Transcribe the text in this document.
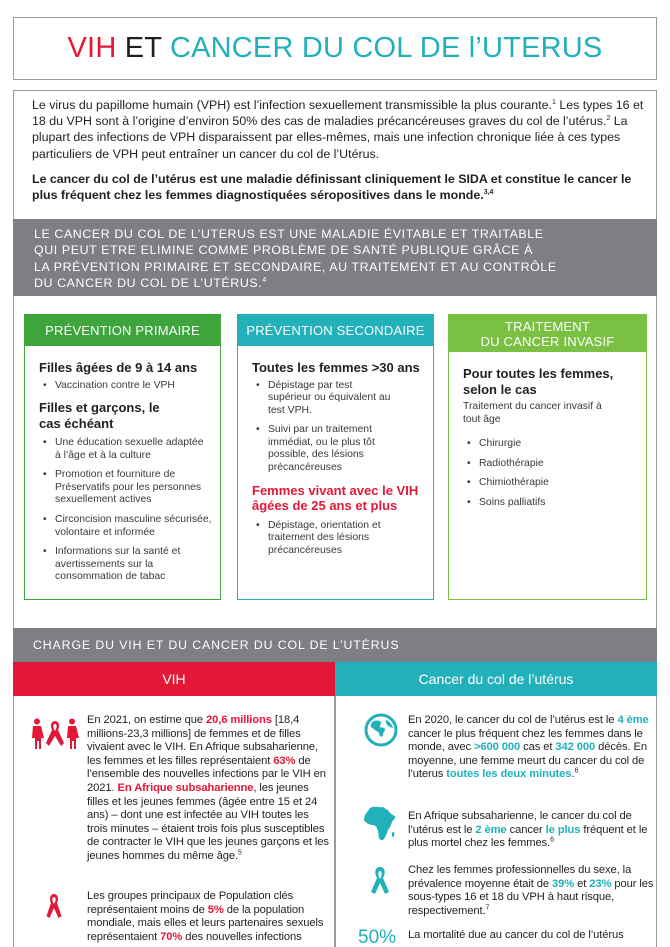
VIH ET CANCER DU COL DE l’UTERUS

Le virus du papillome humain (VPH) est l’infection sexuellement transmissible la plus courante.$^1$ Les types 16 et 18 du VPH sont à l’origine d’environ 50% des cas de maladies précancéreuses graves du col de l’utérus.$^2$ La plupart des infections de VPH disparaissent par elles-mêmes, mais une infection chronique liée à ces types particuliers de VPH peut entraîner un cancer du col de l’Utérus.

Le cancer du col de l’utérus est une maladie définissant cliniquement le SIDA et constitue le cancer le plus fréquent chez les femmes diagnostiquées séropositives dans le monde.$^{3,4}$

LE CANCER DU COL DE L’UTERUS EST UNE MALADIE ÉVITABLE ET TRAITABLE
QUI PEUT ETRE ELIMINE COMME PROBLÈME DE SANTÉ PUBLIQUE GRÂCE À
LA PRÉVENTION PRIMAIRE ET SECONDAIRE, AU TRAITEMENT ET AU CONTRÔLE
DU CANCER DU COL DE L’UTÉRUS.$^4$
PRÉVENTION PRIMAIRE
Filles âgées de 9 à 14 ans
• Vaccination contre le VPH
Filles et garçons, le cas échéant
• Une éducation sexuelle adaptée à l’âge et à la culture
• Promotion et fourniture de Préservatifs pour les personnes sexuellement actives
• Circoncision masculine sécurisée, volontaire et informée
• Informations sur la santé et avertissements sur la consommation de tabac
PRÉVENTION SECONDAIRE
Toutes les femmes >30 ans
• Dépistage par test supérieur ou équivalent au test VPH.
• Suivi par un traitement immédiat, ou le plus tôt possible, des lésions précancéreuses
Femmes vivant avec le VIH âgées de 25 ans et plus
• Dépistage, orientation et traitement des lésions précancéreuses
TRAITEMENT
DU CANCER INVASIF
Pour toutes les femmes, selon le cas
Traitement du cancer invasif à tout âge
• Chirurgie
• Radiothérapie
• Chimiothérapie
• Soins palliatifs
CHARGE DU VIH ET DU CANCER DU COL DE L’UTÉRUS
VIH	Cancer du col de l’utérus
En 2021, on estime que 20,6 millions [18,4 millions-23,3 millions] de femmes et de filles vivaient avec le VIH. En Afrique subsaharienne, les femmes et les filles représentaient 63% de l’ensemble des nouvelles infections par le VIH en 2021. En Afrique subsaharienne, les jeunes filles et les jeunes femmes (âgée entre 15 et 24 ans) – dont une est infectée au VIH toutes les trois minutes – étaient trois fois plus susceptibles de contracter le VIH que les jeunes garçons et les jeunes hommes du même âge.$^5$
Les groupes principaux de Population clés représentaient moins de 5% de la population mondiale, mais elles et leurs partenaires sexuels représentaient 70% des nouvelles infections
En 2020, le cancer du col de l’utérus est le 4 ème cancer le plus fréquent chez les femmes dans le monde, avec >600 000 cas et 342 000 décès. En moyenne, une femme meurt du cancer du col de l’uterus toutes les deux minutes.$^6$
En Afrique subsaharienne, le cancer du col de l’utérus est le 2 ème cancer le plus fréquent et le plus mortel chez les femmes.$^6$
Chez les femmes professionnelles du sexe, la prévalence moyenne était de 39% et 23% pour les sous-types 16 et 18 du VPH à haut risque, respectivement.$^7$
50% La mortalité due au cancer du col de l’utérus
